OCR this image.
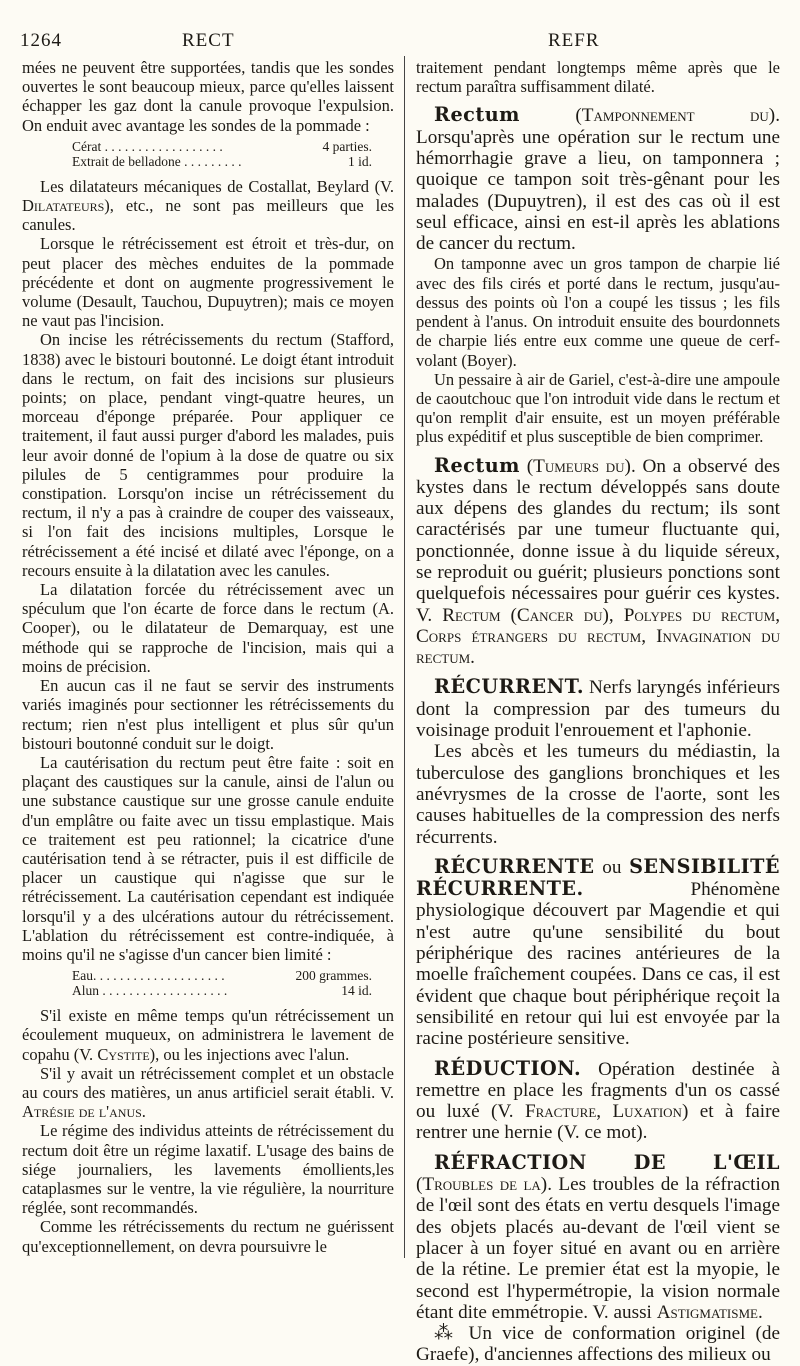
1264	RECT	REFR

mées ne peuvent être supportées, tandis que les sondes ouvertes le sont beaucoup mieux, parce qu'elles laissent échapper les gaz dont la canule provoque l'expulsion. On enduit avec avantage les sondes de la pommade :

Cérat . . . . . . . . . . . . . . . . . .	4 parties.
Extrait de belladone . . . . . . . . .	1 id.

Les dilatateurs mécaniques de Costallat, Beylard (V. Dilatateurs), etc., ne sont pas meilleurs que les canules.

Lorsque le rétrécissement est étroit et très-dur, on peut placer des mèches enduites de la pommade précédente et dont on augmente progressivement le volume (Desault, Tauchou, Dupuytren); mais ce moyen ne vaut pas l'incision.

On incise les rétrécissements du rectum (Stafford, 1838) avec le bistouri boutonné. Le doigt étant introduit dans le rectum, on fait des incisions sur plusieurs points; on place, pendant vingt-quatre heures, un morceau d'éponge préparée. Pour appliquer ce traitement, il faut aussi purger d'abord les malades, puis leur avoir donné de l'opium à la dose de quatre ou six pilules de 5 centigrammes pour produire la constipation. Lorsqu'on incise un rétrécissement du rectum, il n'y a pas à craindre de couper des vaisseaux, si l'on fait des incisions multiples, Lorsque le rétrécissement a été incisé et dilaté avec l'éponge, on a recours ensuite à la dilatation avec les canules.

La dilatation forcée du rétrécissement avec un spéculum que l'on écarte de force dans le rectum (A. Cooper), ou le dilatateur de Demarquay, est une méthode qui se rapproche de l'incision, mais qui a moins de précision.

En aucun cas il ne faut se servir des instruments variés imaginés pour sectionner les rétrécissements du rectum; rien n'est plus intelligent et plus sûr qu'un bistouri boutonné conduit sur le doigt.

La cautérisation du rectum peut être faite : soit en plaçant des caustiques sur la canule, ainsi de l'alun ou une substance caustique sur une grosse canule enduite d'un emplâtre ou faite avec un tissu emplastique. Mais ce traitement est peu rationnel; la cicatrice d'une cautérisation tend à se rétracter, puis il est difficile de placer un caustique qui n'agisse que sur le rétrécissement. La cautérisation cependant est indiquée lorsqu'il y a des ulcérations autour du rétrécissement. L'ablation du rétrécissement est contre-indiquée, à moins qu'il ne s'agisse d'un cancer bien limité :

Eau. . . . . . . . . . . . . . . . . . . .	200 grammes.
Alun . . . . . . . . . . . . . . . . . . .	14 id.

S'il existe en même temps qu'un rétrécissement un écoulement muqueux, on administrera le lavement de copahu (V. Cystite), ou les injections avec l'alun.

S'il y avait un rétrécissement complet et un obstacle au cours des matières, un anus artificiel serait établi. V. Atrésie de l'anus.

Le régime des individus atteints de rétrécissement du rectum doit être un régime laxatif. L'usage des bains de siége journaliers, les lavements émollients,les cataplasmes sur le ventre, la vie régulière, la nourriture réglée, sont recommandés.

Comme les rétrécissements du rectum ne guérissent qu'exceptionnellement, on devra poursuivre le

traitement pendant longtemps même après que le rectum paraîtra suffisamment dilaté.

Rectum (Tamponnement du). Lorsqu'après une opération sur le rectum une hémorrhagie grave a lieu, on tamponnera ; quoique ce tampon soit très-gênant pour les malades (Dupuytren), il est des cas où il est seul efficace, ainsi en est-il après les ablations de cancer du rectum.

On tamponne avec un gros tampon de charpie lié avec des fils cirés et porté dans le rectum, jusqu'au-dessus des points où l'on a coupé les tissus ; les fils pendent à l'anus. On introduit ensuite des bourdonnets de charpie liés entre eux comme une queue de cerf-volant (Boyer).

Un pessaire à air de Gariel, c'est-à-dire une ampoule de caoutchouc que l'on introduit vide dans le rectum et qu'on remplit d'air ensuite, est un moyen préférable plus expéditif et plus susceptible de bien comprimer.

Rectum (Tumeurs du). On a observé des kystes dans le rectum développés sans doute aux dépens des glandes du rectum; ils sont caractérisés par une tumeur fluctuante qui, ponctionnée, donne issue à du liquide séreux, se reproduit ou guérit; plusieurs ponctions sont quelquefois nécessaires pour guérir ces kystes. V. Rectum (Cancer du), Polypes du rectum, Corps étrangers du rectum, Invagination du rectum.

RÉCURRENT. Nerfs laryngés inférieurs dont la compression par des tumeurs du voisinage produit l'enrouement et l'aphonie.

Les abcès et les tumeurs du médiastin, la tuberculose des ganglions bronchiques et les anévrysmes de la crosse de l'aorte, sont les causes habituelles de la compression des nerfs récurrents.

RÉCURRENTE ou SENSIBILITÉ RÉCURRENTE. Phénomène physiologique découvert par Magendie et qui n'est autre qu'une sensibilité du bout périphérique des racines antérieures de la moelle fraîchement coupées. Dans ce cas, il est évident que chaque bout périphérique reçoit la sensibilité en retour qui lui est envoyée par la racine postérieure sensitive.

RÉDUCTION. Opération destinée à remettre en place les fragments d'un os cassé ou luxé (V. Fracture, Luxation) et à faire rentrer une hernie (V. ce mot).

RÉFRACTION DE L'ŒIL (Troubles de la). Les troubles de la réfraction de l'œil sont des états en vertu desquels l'image des objets placés au-devant de l'œil vient se placer à un foyer situé en avant ou en arrière de la rétine. Le premier état est la myopie, le second est l'hypermétropie, la vision normale étant dite emmétropie. V. aussi Astigmatisme.

⁂ Un vice de conformation originel (de Graefe), d'anciennes affections des milieux ou
